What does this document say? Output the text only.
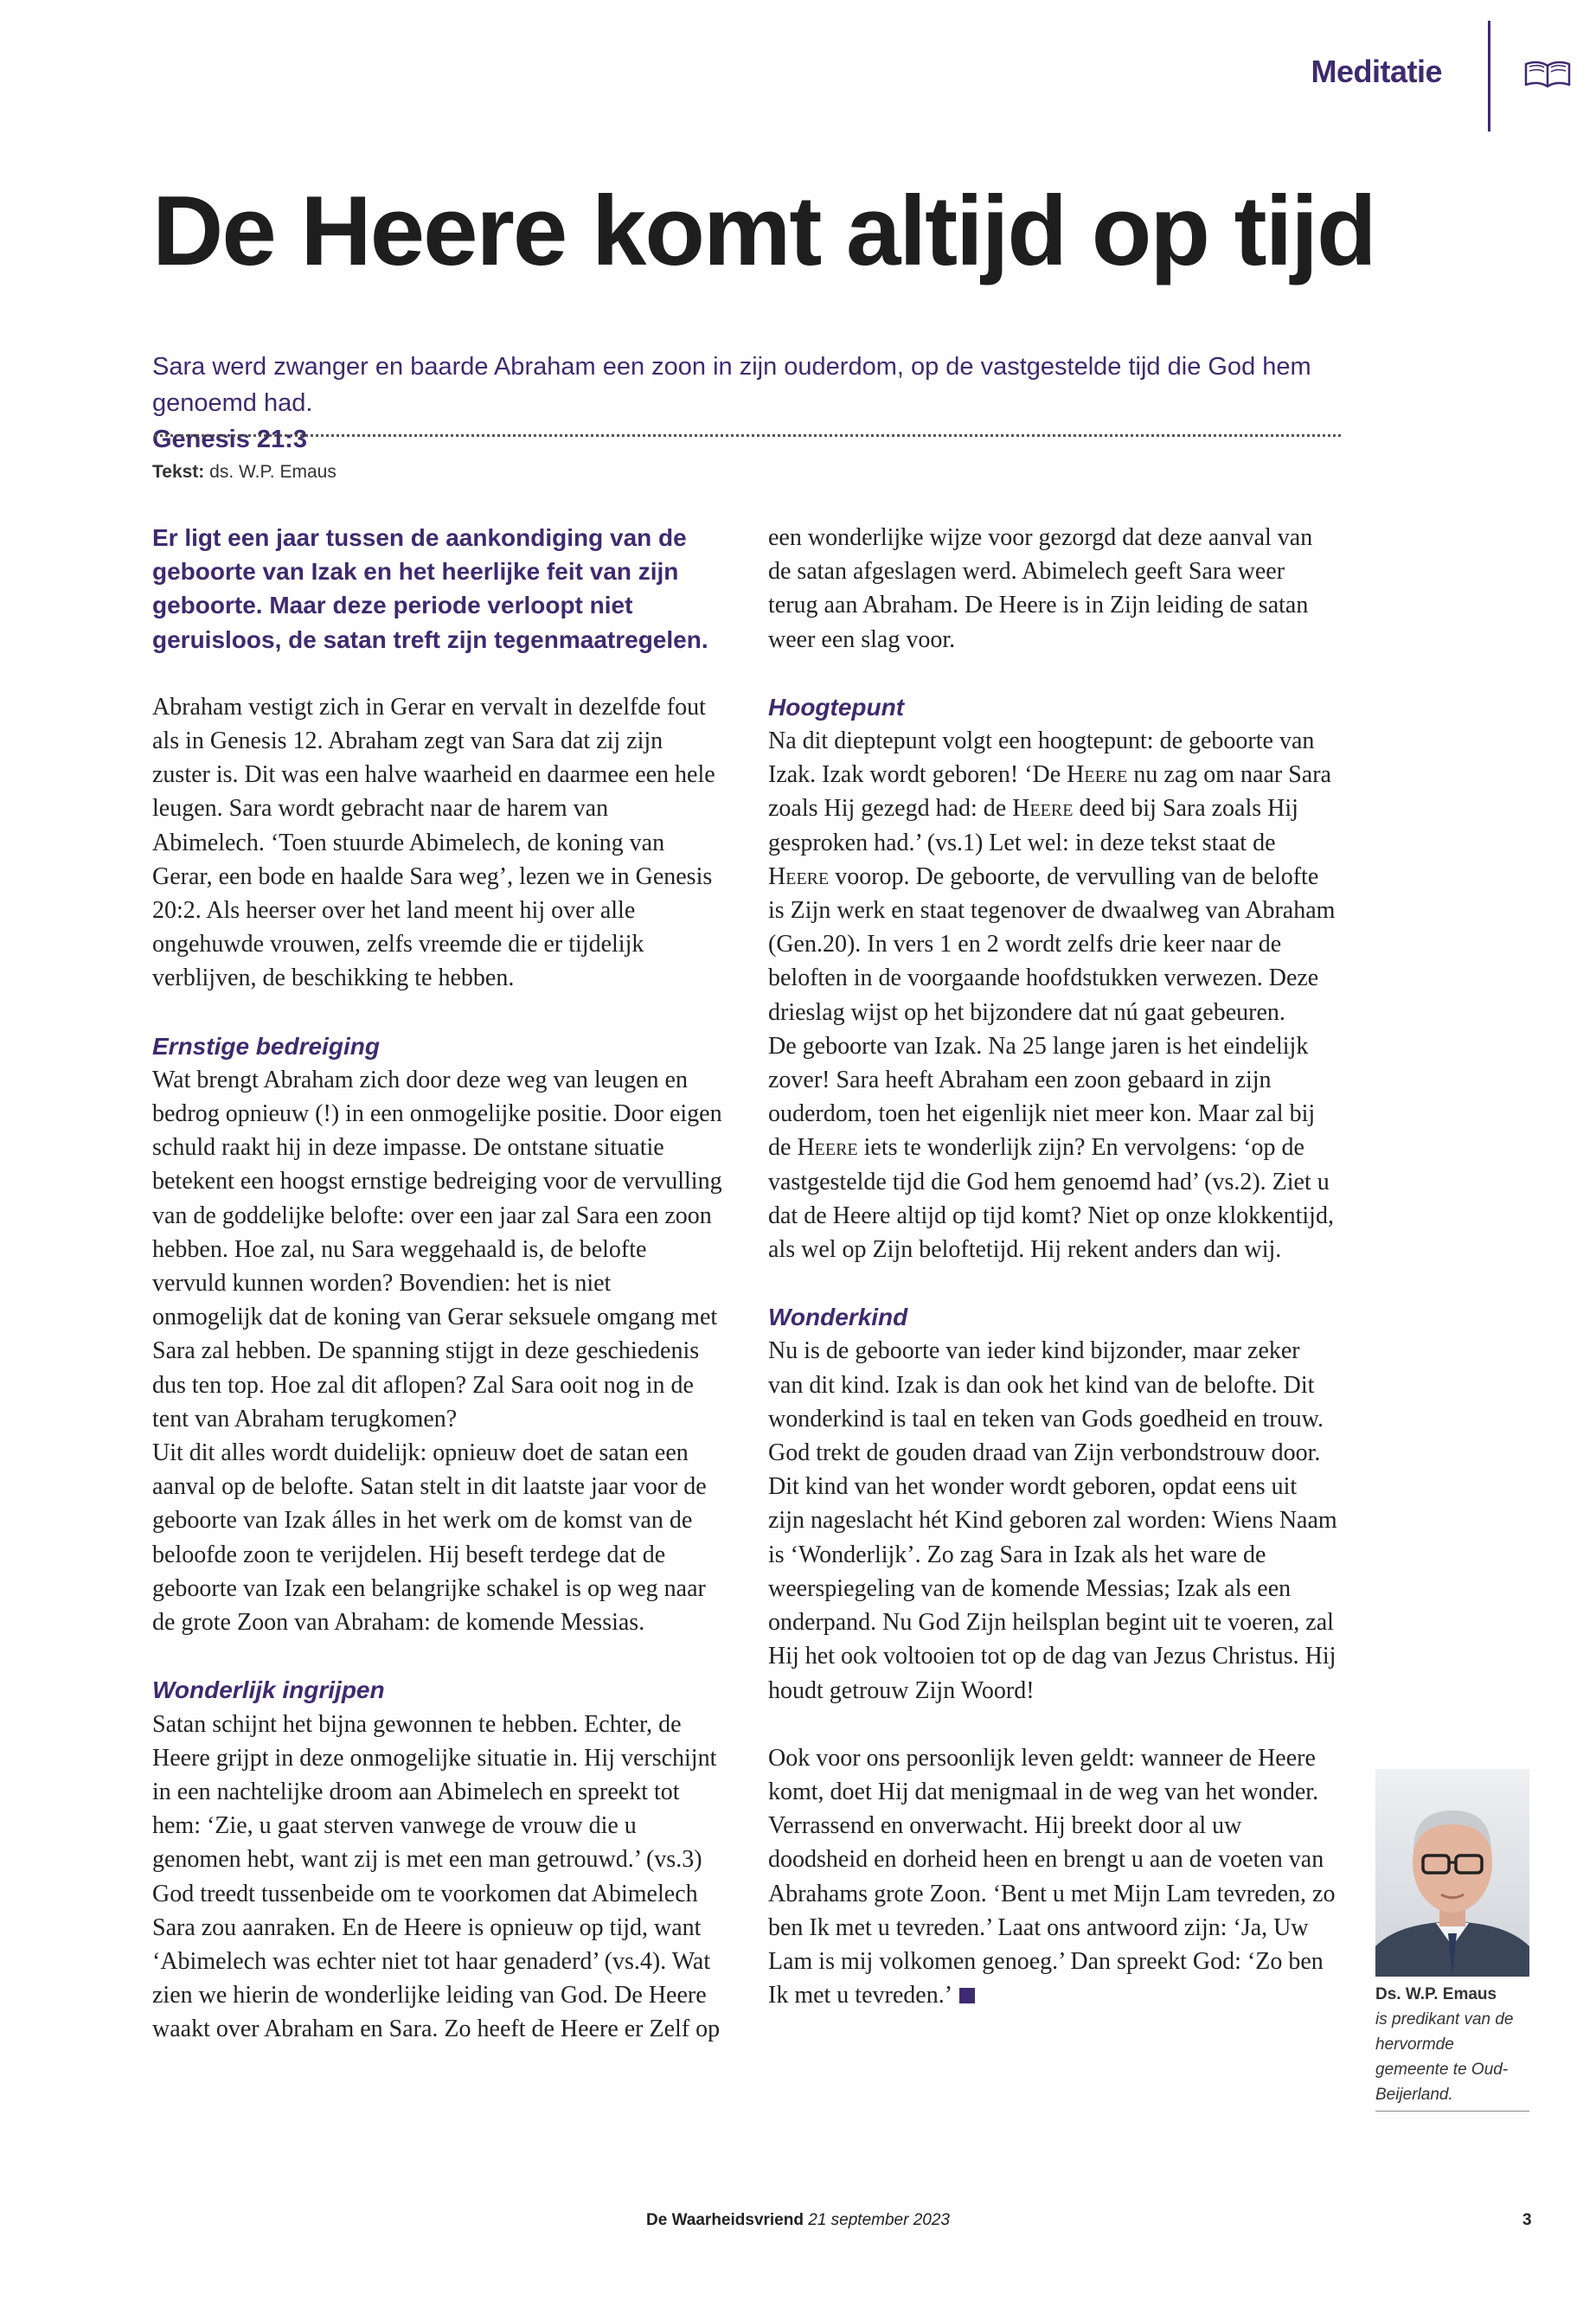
Meditatie
De Heere komt altijd op tijd
Sara werd zwanger en baarde Abraham een zoon in zijn ouderdom, op de vastgestelde tijd die God hem genoemd had.
Genesis 21:3
Tekst: ds. W.P. Emaus

Er ligt een jaar tussen de aankondiging van de geboorte van Izak en het heerlijke feit van zijn geboorte. Maar deze periode verloopt niet geruisloos, de satan treft zijn tegenmaatregelen.

Abraham vestigt zich in Gerar en vervalt in dezelfde fout als in Genesis 12. Abraham zegt van Sara dat zij zijn zuster is. Dit was een halve waarheid en daarmee een hele leugen. Sara wordt gebracht naar de harem van Abimelech. ‘Toen stuurde Abimelech, de koning van Gerar, een bode en haalde Sara weg’, lezen we in Genesis 20:2. Als heerser over het land meent hij over alle ongehuwde vrouwen, zelfs vreemde die er tijdelijk verblijven, de beschikking te hebben.

Ernstige bedreiging

Wat brengt Abraham zich door deze weg van leugen en bedrog opnieuw (!) in een onmogelijke positie. Door eigen schuld raakt hij in deze impasse. De ontstane situatie betekent een hoogst ernstige bedreiging voor de vervulling van de goddelijke belofte: over een jaar zal Sara een zoon hebben. Hoe zal, nu Sara weggehaald is, de belofte vervuld kunnen worden? Bovendien: het is niet onmogelijk dat de koning van Gerar seksuele omgang met Sara zal hebben. De spanning stijgt in deze geschiedenis dus ten top. Hoe zal dit aflopen? Zal Sara ooit nog in de tent van Abraham terugkomen?

Uit dit alles wordt duidelijk: opnieuw doet de satan een aanval op de belofte. Satan stelt in dit laatste jaar voor de geboorte van Izak álles in het werk om de komst van de beloofde zoon te verijdelen. Hij beseft terdege dat de geboorte van Izak een belangrijke schakel is op weg naar de grote Zoon van Abraham: de komende Messias.

Wonderlijk ingrijpen

Satan schijnt het bijna gewonnen te hebben. Echter, de Heere grijpt in deze onmogelijke situatie in. Hij verschijnt in een nachtelijke droom aan Abimelech en spreekt tot hem: ‘Zie, u gaat sterven vanwege de vrouw die u genomen hebt, want zij is met een man getrouwd.’ (vs.3) God treedt tussenbeide om te voorkomen dat Abimelech Sara zou aanraken. En de Heere is opnieuw op tijd, want ‘Abimelech was echter niet tot haar genaderd’ (vs.4). Wat zien we hierin de wonderlijke leiding van God. De Heere waakt over Abraham en Sara. Zo heeft de Heere er Zelf op

een wonderlijke wijze voor gezorgd dat deze aanval van de satan afgeslagen werd. Abimelech geeft Sara weer terug aan Abraham. De Heere is in Zijn leiding de satan weer een slag voor.

Hoogtepunt

Na dit dieptepunt volgt een hoogtepunt: de geboorte van Izak. Izak wordt geboren! ‘De Heere nu zag om naar Sara zoals Hij gezegd had: de Heere deed bij Sara zoals Hij gesproken had.’ (vs.1) Let wel: in deze tekst staat de Heere voorop. De geboorte, de vervulling van de belofte is Zijn werk en staat tegenover de dwaalweg van Abraham (Gen.20). In vers 1 en 2 wordt zelfs drie keer naar de beloften in de voorgaande hoofdstukken verwezen. Deze drieslag wijst op het bijzondere dat nú gaat gebeuren.

De geboorte van Izak. Na 25 lange jaren is het eindelijk zover! Sara heeft Abraham een zoon gebaard in zijn ouderdom, toen het eigenlijk niet meer kon. Maar zal bij de Heere iets te wonderlijk zijn? En vervolgens: ‘op de vastgestelde tijd die God hem genoemd had’ (vs.2). Ziet u dat de Heere altijd op tijd komt? Niet op onze klokkentijd, als wel op Zijn beloftetijd. Hij rekent anders dan wij.

Wonderkind

Nu is de geboorte van ieder kind bijzonder, maar zeker van dit kind. Izak is dan ook het kind van de belofte. Dit wonderkind is taal en teken van Gods goedheid en trouw. God trekt de gouden draad van Zijn verbondstrouw door. Dit kind van het wonder wordt geboren, opdat eens uit zijn nageslacht hét Kind geboren zal worden: Wiens Naam is ‘Wonderlijk’. Zo zag Sara in Izak als het ware de weerspiegeling van de komende Messias; Izak als een onderpand. Nu God Zijn heilsplan begint uit te voeren, zal Hij het ook voltooien tot op de dag van Jezus Christus. Hij houdt getrouw Zijn Woord!

Ook voor ons persoonlijk leven geldt: wanneer de Heere komt, doet Hij dat menigmaal in de weg van het wonder. Verrassend en onverwacht. Hij breekt door al uw doodsheid en dorheid heen en brengt u aan de voeten van Abrahams grote Zoon. ‘Bent u met Mijn Lam tevreden, zo ben Ik met u tevreden.’ Laat ons antwoord zijn: ‘Ja, Uw Lam is mij volkomen genoeg.’ Dan spreekt God: ‘Zo ben Ik met u tevreden.’	Ds. W.P. Emaus
is predikant van de hervormde gemeente te Oud-Beijerland.
De Waarheidsvriend 21 september 2023	3
